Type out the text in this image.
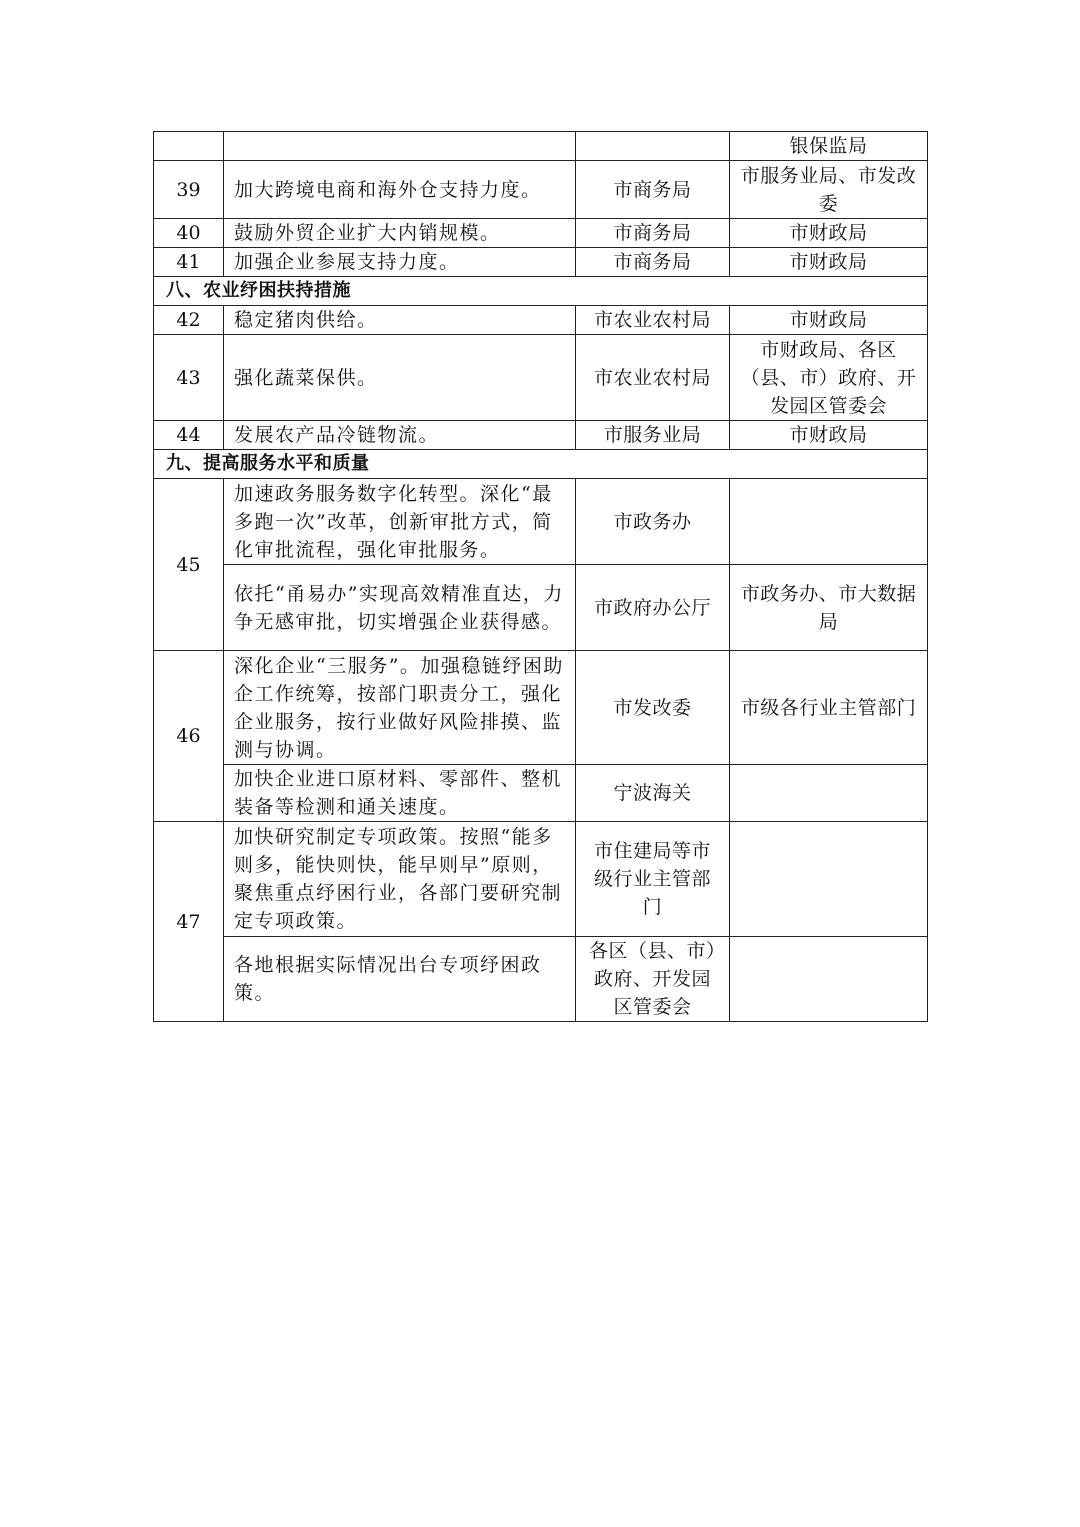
			银保监局
39	加大跨境电商和海外仓支持力度。	市商务局	市服务业局、市发改委
40	鼓励外贸企业扩大内销规模。	市商务局	市财政局
41	加强企业参展支持力度。	市商务局	市财政局
八、农业纾困扶持措施			
42	稳定猪肉供给。	市农业农村局	市财政局
43	强化蔬菜保供。	市农业农村局	市财政局、各区（县、市）政府、开发园区管委会
44	发展农产品冷链物流。	市服务业局	市财政局
九、提高服务水平和质量			
45	加速政务服务数字化转型。深化“最多跑一次”改革，创新审批方式，简化审批流程，强化审批服务。	市政务办	
	依托“甬易办”实现高效精准直达，力争无感审批，切实增强企业获得感。	市政府办公厅	市政务办、市大数据局
46	深化企业“三服务”。加强稳链纾困助企工作统筹，按部门职责分工，强化企业服务，按行业做好风险排摸、监测与协调。	市发改委	市级各行业主管部门
	加快企业进口原材料、零部件、整机装备等检测和通关速度。	宁波海关	
47	加快研究制定专项政策。按照“能多则多，能快则快，能早则早”原则，聚焦重点纾困行业，各部门要研究制定专项政策。	市住建局等市级行业主管部门	
	各地根据实际情况出台专项纾困政策。	各区（县、市）政府、开发园区管委会	
